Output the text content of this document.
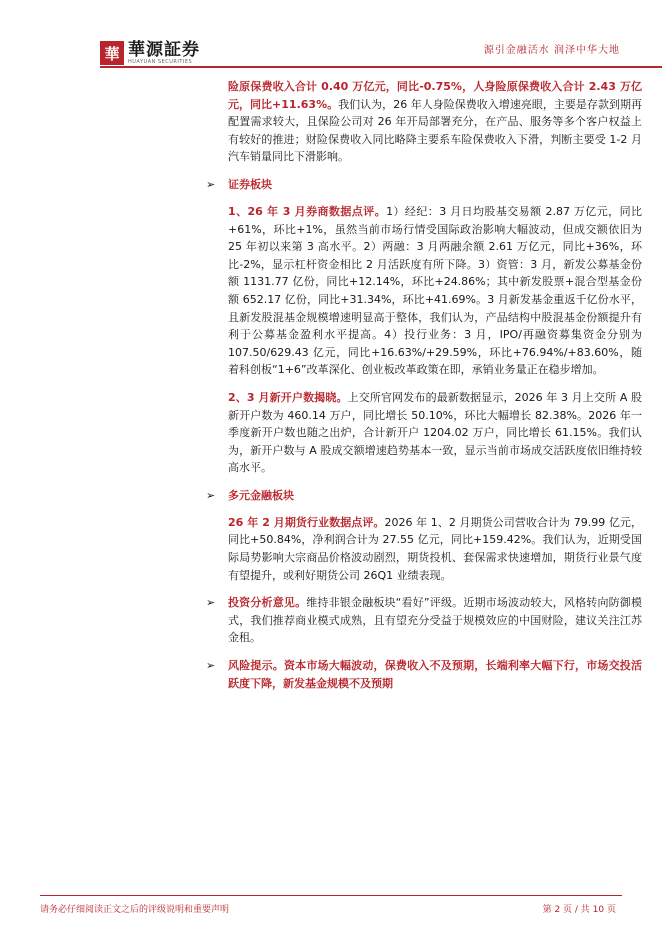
華 華源証券
HUAYUAN SECURITIES
源引金融活水 润泽中华大地

险原保费收入合计 0.40 万亿元，同比-0.75%，人身险原保费收入合计 2.43 万亿元，同比+11.63%。我们认为，26 年人身险保费收入增速亮眼，主要是存款到期再配置需求较大，且保险公司对 26 年开局部署充分，在产品、服务等多个客户权益上有较好的推进；财险保费收入同比略降主要系车险保费收入下滑，判断主要受 1-2 月汽车销量同比下滑影响。

➢ 证券板块

1、26 年 3 月券商数据点评。1）经纪：3 月日均股基交易额 2.87 万亿元，同比+61%，环比+1%，虽然当前市场行情受国际政治影响大幅波动，但成交额依旧为 25 年初以来第 3 高水平。2）两融：3 月两融余额 2.61 万亿元，同比+36%，环比-2%，显示杠杆资金相比 2 月活跃度有所下降。3）资管：3 月，新发公募基金份额 1131.77 亿份，同比+12.14%，环比+24.86%；其中新发股票+混合型基金份额 652.17 亿份，同比+31.34%，环比+41.69%。3 月新发基金重返千亿份水平，且新发股混基金规模增速明显高于整体，我们认为，产品结构中股混基金份额提升有利于公募基金盈利水平提高。4）投行业务：3 月，IPO/再融资募集资金分别为 107.50/629.43 亿元，同比+16.63%/+29.59%，环比+76.94%/+83.60%，随着科创板“1+6”改革深化、创业板改革政策在即，承销业务量正在稳步增加。

2、3 月新开户数揭晓。上交所官网发布的最新数据显示，2026 年 3 月上交所 A 股新开户数为 460.14 万户，同比增长 50.10%，环比大幅增长 82.38%。2026 年一季度新开户数也随之出炉，合计新开户 1204.02 万户，同比增长 61.15%。我们认为，新开户数与 A 股成交额增速趋势基本一致，显示当前市场成交活跃度依旧维持较高水平。

➢ 多元金融板块

26 年 2 月期货行业数据点评。2026 年 1、2 月期货公司营收合计为 79.99 亿元，同比+50.84%，净利润合计为 27.55 亿元，同比+159.42%。我们认为，近期受国际局势影响大宗商品价格波动剧烈，期货投机、套保需求快速增加，期货行业景气度有望提升，或利好期货公司 26Q1 业绩表现。

➢ 投资分析意见。维持非银金融板块“看好”评级。近期市场波动较大，风格转向防御模式，我们推荐商业模式成熟，且有望充分受益于规模效应的中国财险，建议关注江苏金租。

➢ 风险提示。资本市场大幅波动，保费收入不及预期，长端利率大幅下行，市场交投活跃度下降，新发基金规模不及预期

请务必仔细阅读正文之后的评级说明和重要声明	第 2 页 / 共 10 页
